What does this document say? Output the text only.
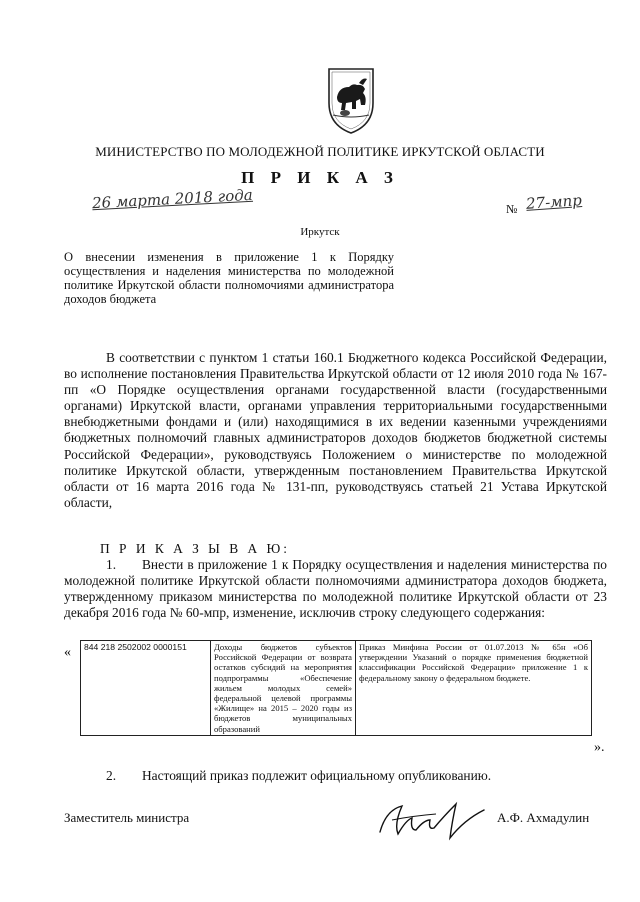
МИНИСТЕРСТВО ПО МОЛОДЕЖНОЙ ПОЛИТИКЕ ИРКУТСКОЙ ОБЛАСТИ
П Р И К А З
26 марта 2018 года	№ 27-мпр
Иркутск
О внесении изменения в приложение 1 к Порядку осуществления и наделения министерства по молодежной политике Иркутской области полномочиями администратора доходов бюджета

В соответствии с пунктом 1 статьи 160.1 Бюджетного кодекса Российской Федерации, во исполнение постановления Правительства Иркутской области от 12 июля 2010 года № 167-пп «О Порядке осуществления органами государственной власти (государственными органами) Иркутской власти, органами управления территориальными государственными внебюджетными фондами и (или) находящимися в их ведении казенными учреждениями бюджетных полномочий главных администраторов доходов бюджетов бюджетной системы Российской Федерации», руководствуясь Положением о министерстве по молодежной политике Иркутской области, утвержденным постановлением Правительства Иркутской области от 16 марта 2016 года № 131-пп, руководствуясь статьей 21 Устава Иркутской области,

П Р И К А З Ы В А Ю:

1. Внести в приложение 1 к Порядку осуществления и наделения министерства по молодежной политике Иркутской области полномочиями администратора доходов бюджета, утвержденному приказом министерства по молодежной политике Иркутской области от 23 декабря 2016 года № 60-мпр, изменение, исключив строку следующего содержания:

« 844 218 2502002 0000151	Доходы бюджетов субъектов Российской Федерации от возврата остатков субсидий на мероприятия подпрограммы «Обеспечение жильем молодых семей» федеральной целевой программы «Жилище» на 2015 – 2020 годы из бюджетов муниципальных образований	Приказ Минфина России от 01.07.2013 № 65н «Об утверждении Указаний о порядке применения бюджетной классификации Российской Федерации» приложение 1 к федеральному закону о федеральном бюджете.
».
2. Настоящий приказ подлежит официальному опубликованию.
Заместитель министра	А.Ф. Ахмадулин
